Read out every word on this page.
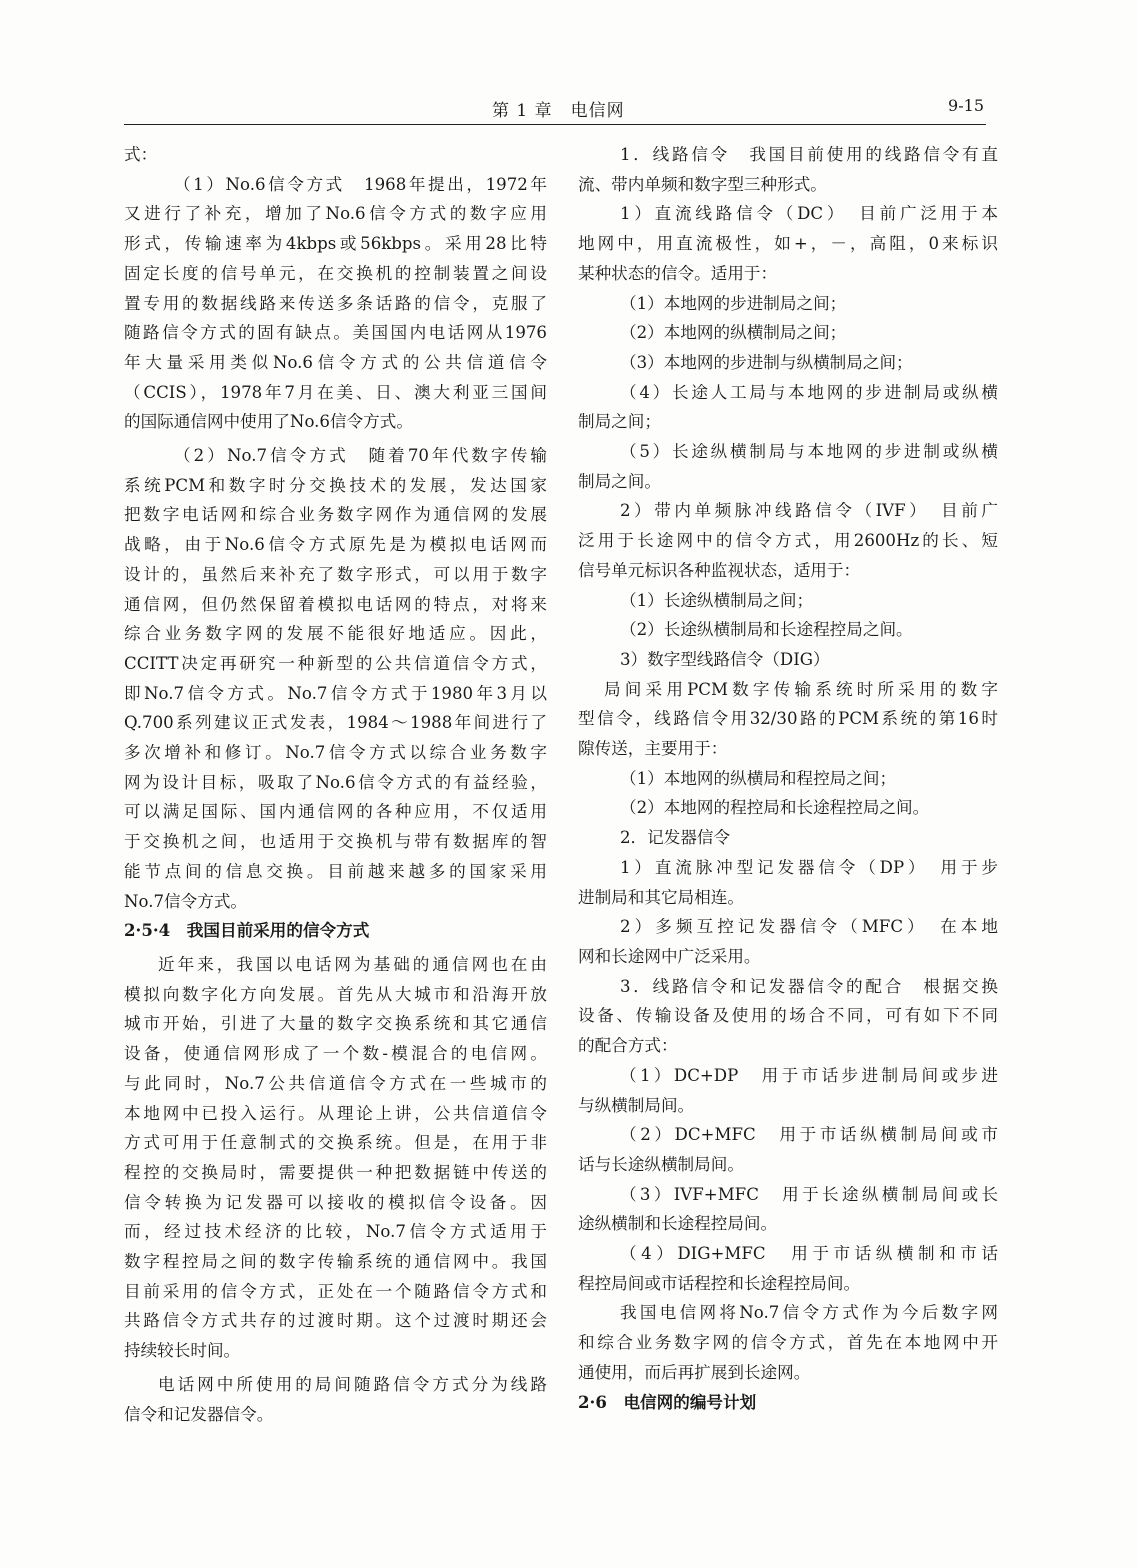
第 1 章　电信网	9-15

式：

（1）No.6信令方式　1968年提出，1972年

又进行了补充，增加了No.6信令方式的数字应用

形式，传输速率为4kbps或56kbps。采用28比特

固定长度的信号单元，在交换机的控制装置之间设

置专用的数据线路来传送多条话路的信令，克服了

随路信令方式的固有缺点。美国国内电话网从1976

年大量采用类似No.6信令方式的公共信道信令

（CCIS），1978年7月在美、日、澳大利亚三国间

的国际通信网中使用了No.6信令方式。

（2）No.7信令方式　随着70年代数字传输

系统PCM和数字时分交换技术的发展，发达国家

把数字电话网和综合业务数字网作为通信网的发展

战略，由于No.6信令方式原先是为模拟电话网而

设计的，虽然后来补充了数字形式，可以用于数字

通信网，但仍然保留着模拟电话网的特点，对将来

综合业务数字网的发展不能很好地适应。因此，

CCITT决定再研究一种新型的公共信道信令方式，

即No.7信令方式。No.7信令方式于1980年3月以

Q.700系列建议正式发表，1984～1988年间进行了

多次增补和修订。No.7信令方式以综合业务数字

网为设计目标，吸取了No.6信令方式的有益经验，

可以满足国际、国内通信网的各种应用，不仅适用

于交换机之间，也适用于交换机与带有数据库的智

能节点间的信息交换。目前越来越多的国家采用

No.7信令方式。

2·5·4　我国目前采用的信令方式

近年来，我国以电话网为基础的通信网也在由

模拟向数字化方向发展。首先从大城市和沿海开放

城市开始，引进了大量的数字交换系统和其它通信

设备，使通信网形成了一个数-模混合的电信网。

与此同时，No.7公共信道信令方式在一些城市的

本地网中已投入运行。从理论上讲，公共信道信令

方式可用于任意制式的交换系统。但是，在用于非

程控的交换局时，需要提供一种把数据链中传送的

信令转换为记发器可以接收的模拟信令设备。因

而，经过技术经济的比较，No.7信令方式适用于

数字程控局之间的数字传输系统的通信网中。我国

目前采用的信令方式，正处在一个随路信令方式和

共路信令方式共存的过渡时期。这个过渡时期还会

持续较长时间。

电话网中所使用的局间随路信令方式分为线路

信令和记发器信令。

1．线路信令　我国目前使用的线路信令有直

流、带内单频和数字型三种形式。

1）直流线路信令（DC）　目前广泛用于本

地网中，用直流极性，如+，－，高阻，0来标识

某种状态的信令。适用于：

（1）本地网的步进制局之间；

（2）本地网的纵横制局之间；

（3）本地网的步进制与纵横制局之间；

（4）长途人工局与本地网的步进制局或纵横

制局之间；

（5）长途纵横制局与本地网的步进制或纵横

制局之间。

2）带内单频脉冲线路信令（IVF）　目前广

泛用于长途网中的信令方式，用2600Hz的长、短

信号单元标识各种监视状态，适用于：

（1）长途纵横制局之间；

（2）长途纵横制局和长途程控局之间。

3）数字型线路信令（DIG）

局间采用PCM数字传输系统时所采用的数字

型信令，线路信令用32/30路的PCM系统的第16时

隙传送，主要用于：

（1）本地网的纵横局和程控局之间；

（2）本地网的程控局和长途程控局之间。

2．记发器信令

1）直流脉冲型记发器信令（DP）　用于步

进制局和其它局相连。

2）多频互控记发器信令（MFC）　在本地

网和长途网中广泛采用。

3．线路信令和记发器信令的配合　根据交换

设备、传输设备及使用的场合不同，可有如下不同

的配合方式：

（1）DC+DP　用于市话步进制局间或步进

与纵横制局间。

（2）DC+MFC　用于市话纵横制局间或市

话与长途纵横制局间。

（3）IVF+MFC　用于长途纵横制局间或长

途纵横制和长途程控局间。

（4）DIG+MFC　用于市话纵横制和市话

程控局间或市话程控和长途程控局间。

我国电信网将No.7信令方式作为今后数字网

和综合业务数字网的信令方式，首先在本地网中开

通使用，而后再扩展到长途网。

2·6　电信网的编号计划
